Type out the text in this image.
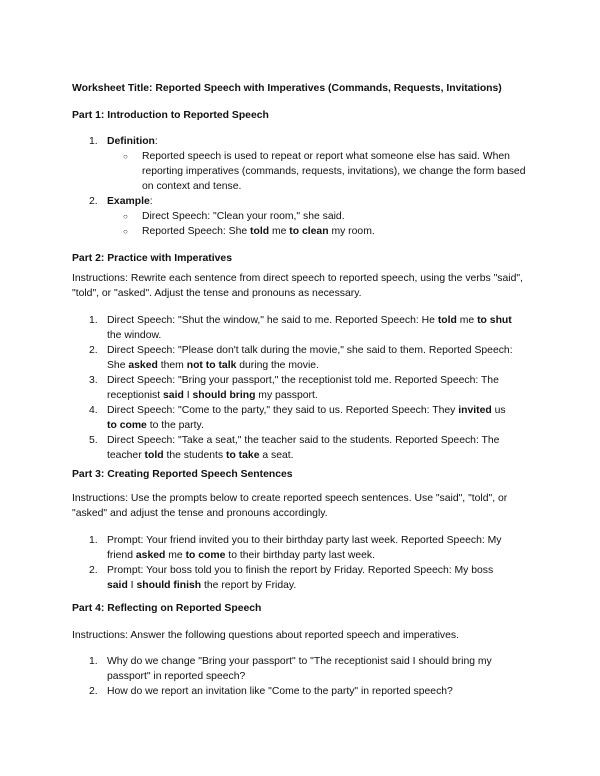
Worksheet Title: Reported Speech with Imperatives (Commands, Requests, Invitations)
Part 1: Introduction to Reported Speech
1. Definition:
○ Reported speech is used to repeat or report what someone else has said. When reporting imperatives (commands, requests, invitations), we change the form based on context and tense.
2. Example:
○ Direct Speech: "Clean your room," she said.
○ Reported Speech: She told me to clean my room.
Part 2: Practice with Imperatives
Instructions: Rewrite each sentence from direct speech to reported speech, using the verbs "said", "told", or "asked". Adjust the tense and pronouns as necessary.
1. Direct Speech: "Shut the window," he said to me. Reported Speech: He told me to shut
the window.
2. Direct Speech: "Please don't talk during the movie," she said to them. Reported Speech:
She asked them not to talk during the movie.
3. Direct Speech: "Bring your passport," the receptionist told me. Reported Speech: The
receptionist said I should bring my passport.
4. Direct Speech: "Come to the party," they said to us. Reported Speech: They invited us
to come to the party.
5. Direct Speech: "Take a seat," the teacher said to the students. Reported Speech: The
teacher told the students to take a seat.
Part 3: Creating Reported Speech Sentences
Instructions: Use the prompts below to create reported speech sentences. Use "said", "told", or "asked" and adjust the tense and pronouns accordingly.
1. Prompt: Your friend invited you to their birthday party last week. Reported Speech: My
friend asked me to come to their birthday party last week.
2. Prompt: Your boss told you to finish the report by Friday. Reported Speech: My boss
said I should finish the report by Friday.
Part 4: Reflecting on Reported Speech
Instructions: Answer the following questions about reported speech and imperatives.
1. Why do we change "Bring your passport" to "The receptionist said I should bring my
passport" in reported speech?
2. How do we report an invitation like "Come to the party" in reported speech?
